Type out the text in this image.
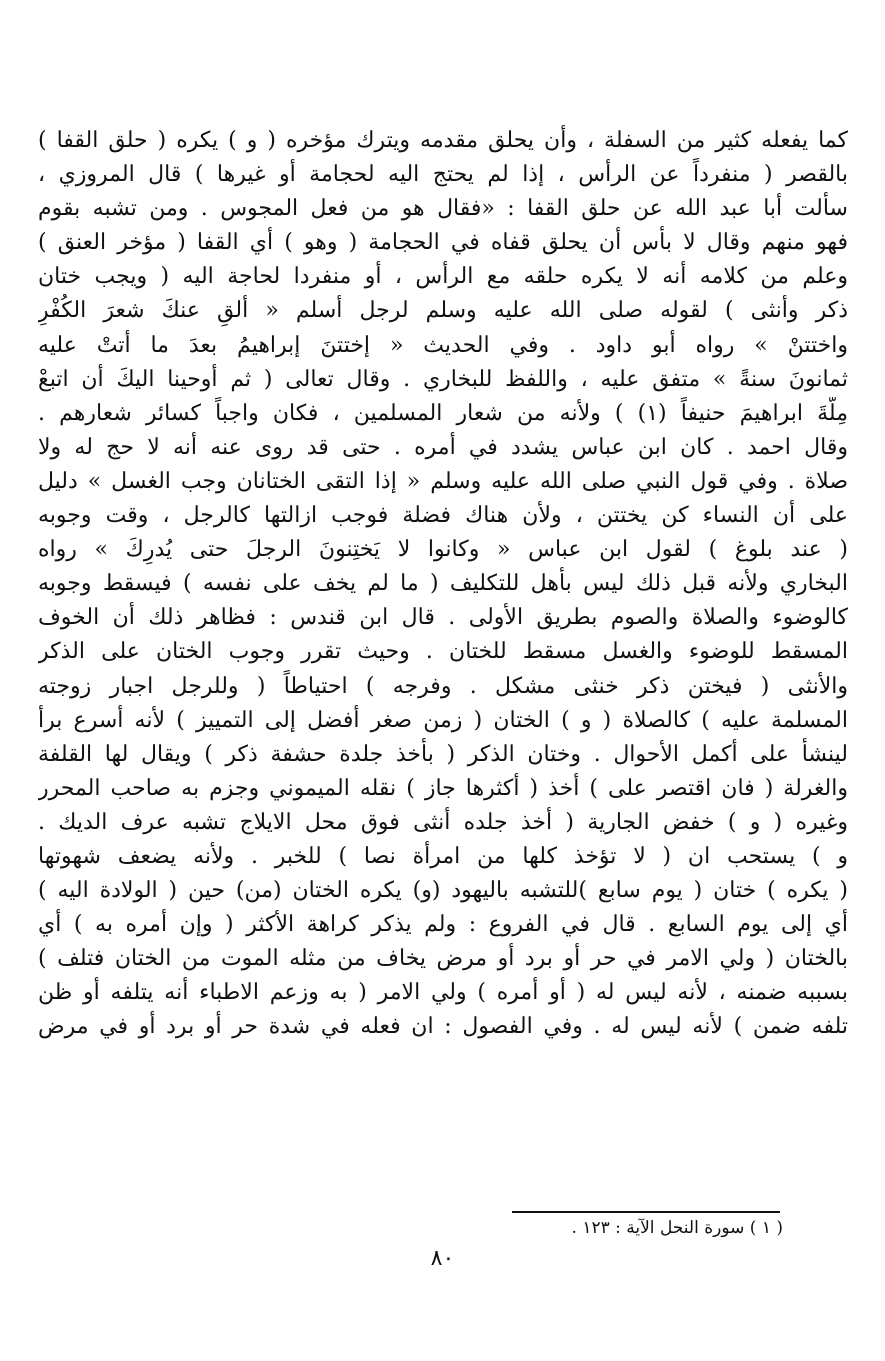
كما يفعله كثير من السفلة ، وأن يحلق مقدمه ويترك مؤخره ( و ) يكره ( حلق القفا )
بالقصر ( منفرداً عن الرأس ، إذا لم يحتج اليه لحجامة أو غيرها ) قال المروزي ،
سألت أبا عبد الله عن حلق القفا : «فقال هو من فعل المجوس . ومن تشبه بقوم
فهو منهم وقال لا بأس أن يحلق قفاه في الحجامة ( وهو ) أي القفا ( مؤخر العنق )
وعلم من كلامه أنه لا يكره حلقه مع الرأس ، أو منفردا لحاجة اليه ( ويجب ختان
ذكر وأنثى ) لقوله صلى الله عليه وسلم لرجل أسلم « ألقِ عنكَ شعرَ الكُفْرِ
واختتنْ » رواه أبو داود . وفي الحديث « إختتنَ إبراهيمُ بعدَ ما أتتْ عليه
ثمانونَ سنةً » متفق عليه ، واللفظ للبخاري . وقال تعالى ( ثم أوحينا اليكَ أن اتبعْ
مِلّةَ ابراهيمَ حنيفاً (١) ) ولأنه من شعار المسلمين ، فكان واجباً كسائر شعارهم .
وقال احمد . كان ابن عباس يشدد في أمره . حتى قد روى عنه أنه لا حج له ولا
صلاة . وفي قول النبي صلى الله عليه وسلم « إذا التقى الختانان وجب الغسل » دليل
على أن النساء كن يختتن ، ولأن هناك فضلة فوجب ازالتها كالرجل ، وقت وجوبه
( عند بلوغ ) لقول ابن عباس « وكانوا لا يَختِنونَ الرجلَ حتى يُدرِكَ » رواه
البخاري ولأنه قبل ذلك ليس بأهل للتكليف ( ما لم يخف على نفسه ) فيسقط وجوبه
كالوضوء والصلاة والصوم بطريق الأولى . قال ابن قندس : فظاهر ذلك أن الخوف
المسقط للوضوء والغسل مسقط للختان . وحيث تقرر وجوب الختان على الذكر
والأنثى ( فيختن ذكر خنثى مشكل . وفرجه ) احتياطاً ( وللرجل اجبار زوجته
المسلمة عليه ) كالصلاة ( و ) الختان ( زمن صغر أفضل إلى التمييز ) لأنه أسرع برأ
لينشأ على أكمل الأحوال . وختان الذكر ( بأخذ جلدة حشفة ذكر ) ويقال لها القلفة
والغرلة ( فان اقتصر على ) أخذ ( أكثرها جاز ) نقله الميموني وجزم به صاحب المحرر
وغيره ( و ) خفض الجارية ( أخذ جلده أنثى فوق محل الايلاج تشبه عرف الديك .
و ) يستحب ان ( لا تؤخذ كلها من امرأة نصا ) للخبر . ولأنه يضعف شهوتها
( يكره ) ختان ( يوم سابع )للتشبه باليهود (و) يكره الختان (من) حين ( الولادة اليه )
أي إلى يوم السابع . قال في الفروع : ولم يذكر كراهة الأكثر ( وإن أمره به ) أي
بالختان ( ولي الامر في حر أو برد أو مرض يخاف من مثله الموت من الختان فتلف )
بسببه ضمنه ، لأنه ليس له ( أو أمره ) ولي الامر ( به وزعم الاطباء أنه يتلفه أو ظن
تلفه ضمن ) لأنه ليس له . وفي الفصول : ان فعله في شدة حر أو برد أو في مرض
( ١ ) سورة النحل الآية : ١٢٣ .
٨٠
